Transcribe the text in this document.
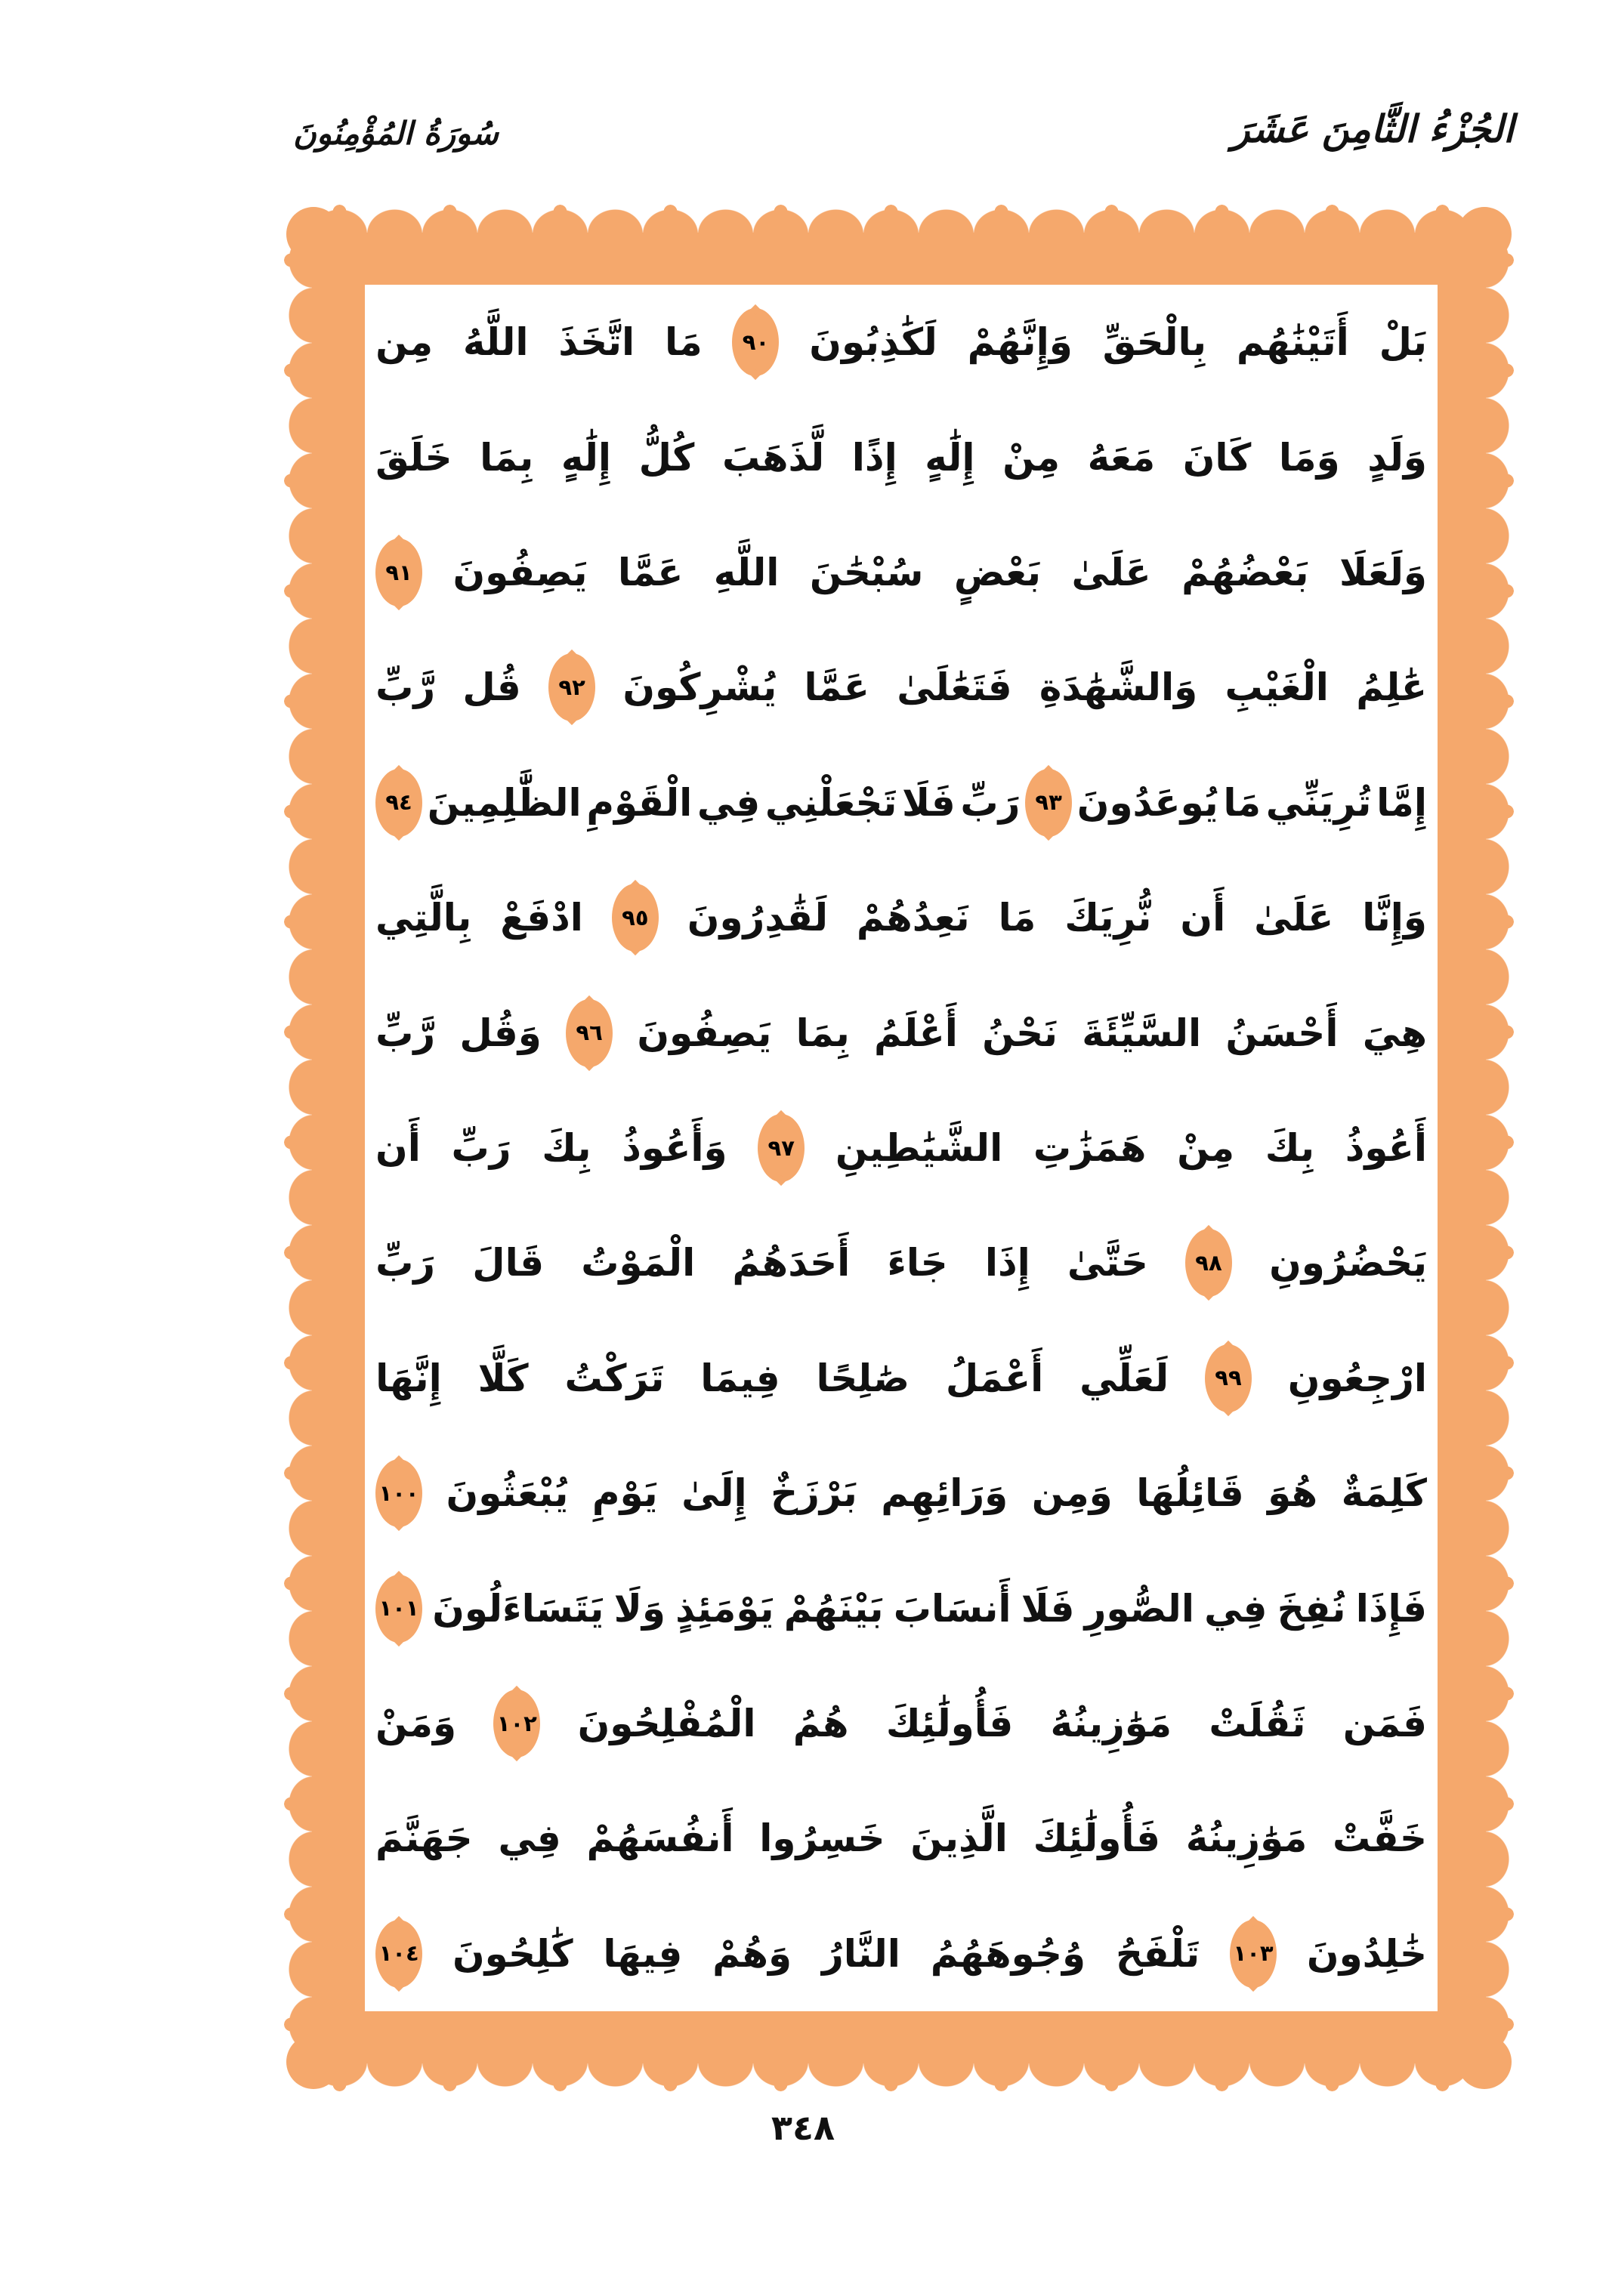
الجُزْءُ الثَّامِنَ عَشَرَ
سُورَةُ المُؤْمِنُونَ
بَلْ
أَتَيْنَٰهُم
بِالْحَقِّ
وَإِنَّهُمْ
لَكَٰذِبُونَ
٩٠
مَا
اتَّخَذَ
اللَّهُ
مِن
وَلَدٍ
وَمَا
كَانَ
مَعَهُ
مِنْ
إِلَٰهٍ
إِذًا
لَّذَهَبَ
كُلُّ
إِلَٰهٍ
بِمَا
خَلَقَ
وَلَعَلَا
بَعْضُهُمْ
عَلَىٰ
بَعْضٍ
سُبْحَٰنَ
اللَّهِ
عَمَّا
يَصِفُونَ
٩١
عَٰلِمُ
الْغَيْبِ
وَالشَّهَٰدَةِ
فَتَعَٰلَىٰ
عَمَّا
يُشْرِكُونَ
٩٢
قُل
رَّبِّ
إِمَّا
تُرِيَنِّي
مَا
يُوعَدُونَ
٩٣
رَبِّ
فَلَا
تَجْعَلْنِي
فِي
الْقَوْمِ
الظَّٰلِمِينَ
٩٤
وَإِنَّا
عَلَىٰ
أَن
نُّرِيَكَ
مَا
نَعِدُهُمْ
لَقَٰدِرُونَ
٩٥
ادْفَعْ
بِالَّتِي
هِيَ
أَحْسَنُ
السَّيِّئَةَ
نَحْنُ
أَعْلَمُ
بِمَا
يَصِفُونَ
٩٦
وَقُل
رَّبِّ
أَعُوذُ
بِكَ
مِنْ
هَمَزَٰتِ
الشَّيَٰطِينِ
٩٧
وَأَعُوذُ
بِكَ
رَبِّ
أَن
يَحْضُرُونِ
٩٨
حَتَّىٰ
إِذَا
جَاءَ
أَحَدَهُمُ
الْمَوْتُ
قَالَ
رَبِّ
ارْجِعُونِ
٩٩
لَعَلِّي
أَعْمَلُ
صَٰلِحًا
فِيمَا
تَرَكْتُ
كَلَّا
إِنَّهَا
كَلِمَةٌ
هُوَ
قَائِلُهَا
وَمِن
وَرَائِهِم
بَرْزَخٌ
إِلَىٰ
يَوْمِ
يُبْعَثُونَ
١٠٠
فَإِذَا
نُفِخَ
فِي
الصُّورِ
فَلَا
أَنسَابَ
بَيْنَهُمْ
يَوْمَئِذٍ
وَلَا
يَتَسَاءَلُونَ
١٠١
فَمَن
ثَقُلَتْ
مَوَٰزِينُهُ
فَأُولَٰئِكَ
هُمُ
الْمُفْلِحُونَ
١٠٢
وَمَنْ
خَفَّتْ
مَوَٰزِينُهُ
فَأُولَٰئِكَ
الَّذِينَ
خَسِرُوا
أَنفُسَهُمْ
فِي
جَهَنَّمَ
خَٰلِدُونَ
١٠٣
تَلْفَحُ
وُجُوهَهُمُ
النَّارُ
وَهُمْ
فِيهَا
كَٰلِحُونَ
١٠٤
٣٤٨
